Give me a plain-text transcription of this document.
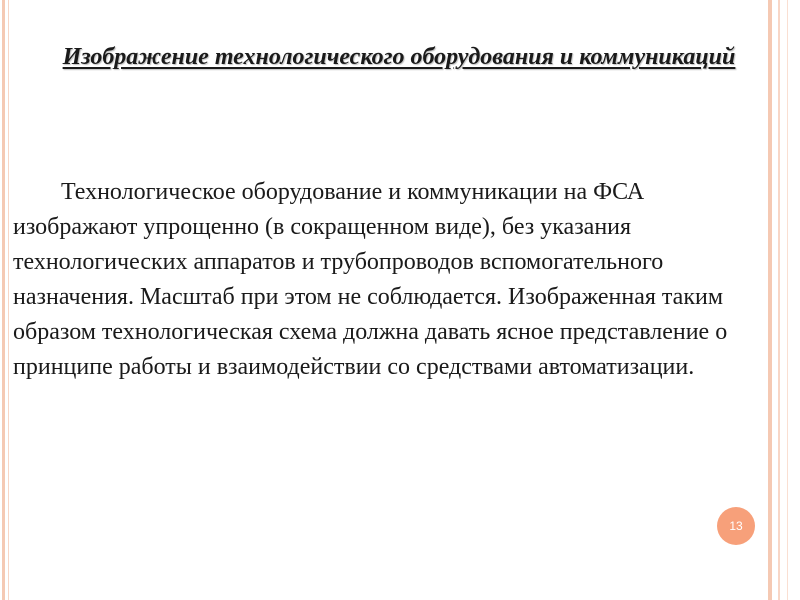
Изображение технологического оборудования и коммуникаций

Технологическое оборудование и коммуникации на ФСА изображают упрощенно (в сокращенном виде), без указания технологических аппаратов и трубопроводов вспомогательного назначения. Масштаб при этом не соблюдается. Изображенная таким образом технологическая схема должна давать ясное представление о принципе работы и взаимодействии со средствами автоматизации.

13
